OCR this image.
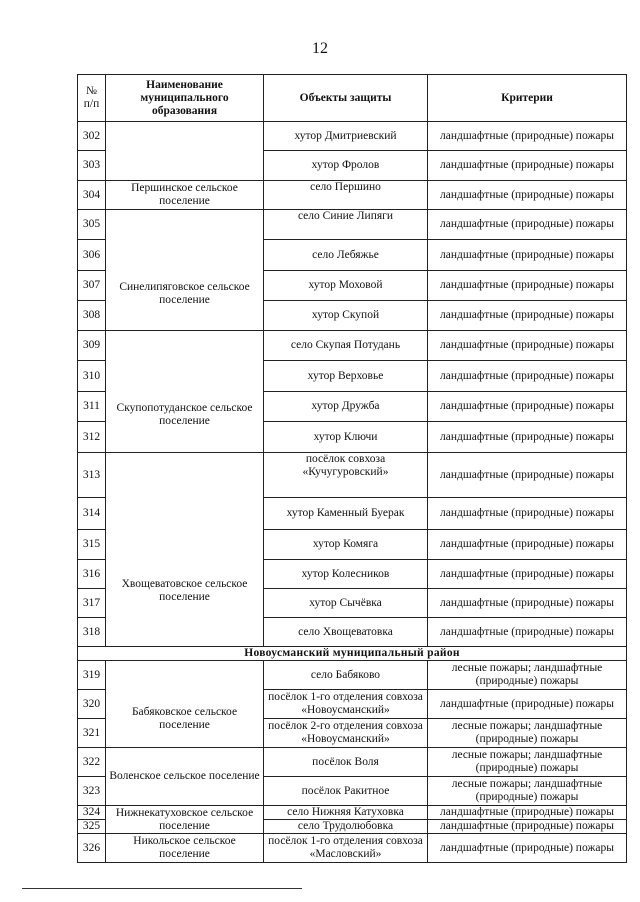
12
№ п/п	Наименование муниципального образования	Объекты защиты	Критерии
302		хутор Дмитриевский	ландшафтные (природные) пожары
303		хутор Фролов	ландшафтные (природные) пожары
304	Першинское сельское поселение	село Першино	ландшафтные (природные) пожары
305	Синелипяговское сельское поселение	село Синие Липяги	ландшафтные (природные) пожары
306		село Лебяжье	ландшафтные (природные) пожары
307		хутор Моховой	ландшафтные (природные) пожары
308		хутор Скупой	ландшафтные (природные) пожары
309	Скупопотуданское сельское поселение	село Скупая Потудань	ландшафтные (природные) пожары
310		хутор Верховье	ландшафтные (природные) пожары
311		хутор Дружба	ландшафтные (природные) пожары
312		хутор Ключи	ландшафтные (природные) пожары
313	Хвощеватовское сельское поселение	посёлок совхоза «Кучугуровский»	ландшафтные (природные) пожары
314		хутор Каменный Буерак	ландшафтные (природные) пожары
315		хутор Комяга	ландшафтные (природные) пожары
316		хутор Колесников	ландшафтные (природные) пожары
317		хутор Сычёвка	ландшафтные (природные) пожары
318		село Хвощеватовка	ландшафтные (природные) пожары
Новоусманский муниципальный район			
319	Бабяковское сельское поселение	село Бабяково	лесные пожары; ландшафтные (природные) пожары
320		посёлок 1-го отделения совхоза «Новоусманский»	ландшафтные (природные) пожары
321		посёлок 2-го отделения совхоза «Новоусманский»	лесные пожары; ландшафтные (природные) пожары
322	Воленское сельское поселение	посёлок Воля	лесные пожары; ландшафтные (природные) пожары
323		посёлок Ракитное	лесные пожары; ландшафтные (природные) пожары
324	Нижнекатуховское сельское поселение	село Нижняя Катуховка	ландшафтные (природные) пожары
325		село Трудолюбовка	ландшафтные (природные) пожары
326	Никольское сельское поселение	посёлок 1-го отделения совхоза «Масловский»	ландшафтные (природные) пожары
